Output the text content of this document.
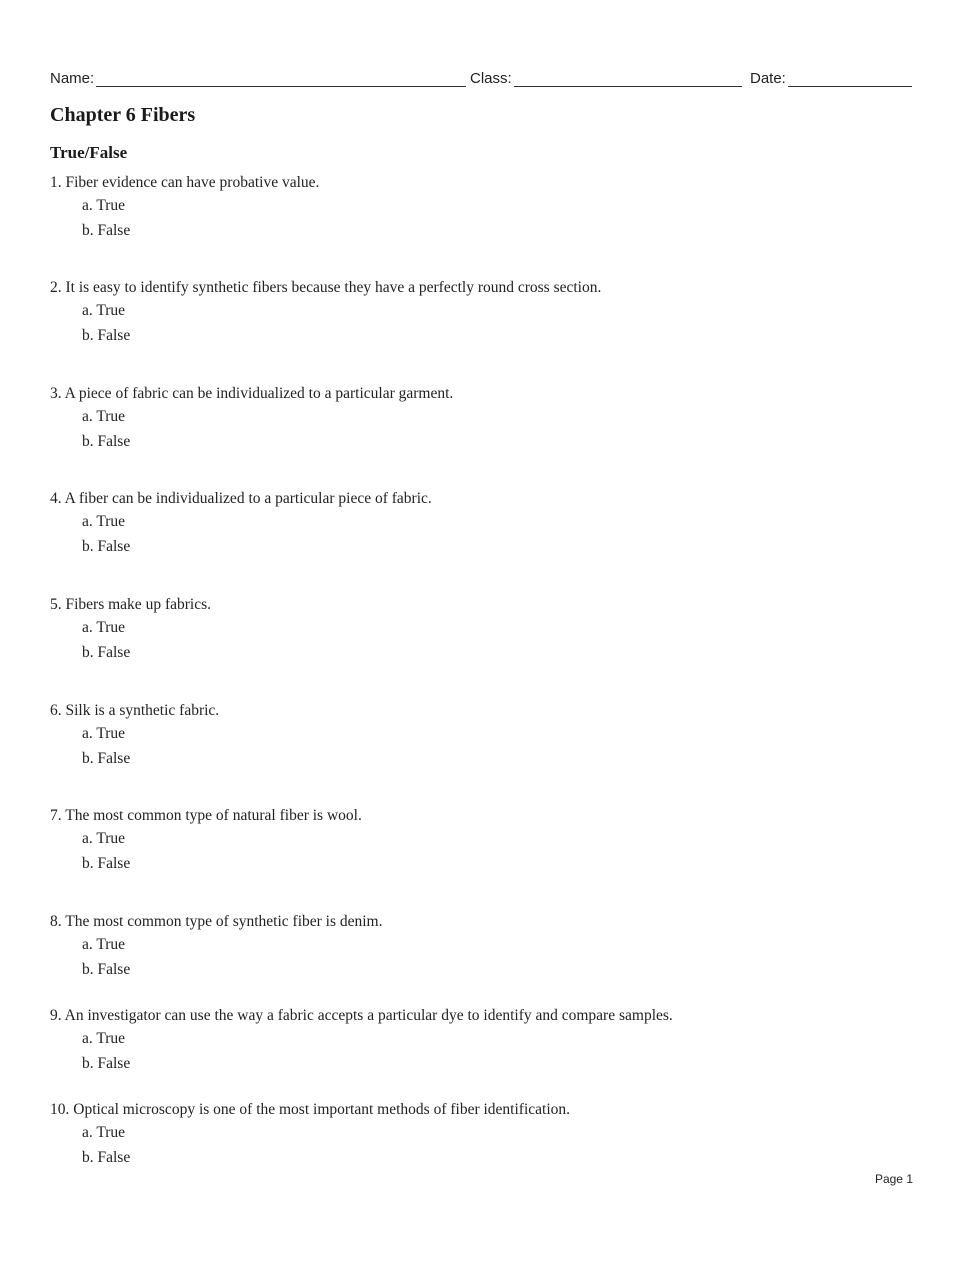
Name:	Class:	Date:
Chapter 6 Fibers
True/False
1. Fiber evidence can have probative value.
a. True
b. False
2. It is easy to identify synthetic fibers because they have a perfectly round cross section.
a. True
b. False
3. A piece of fabric can be individualized to a particular garment.
a. True
b. False
4. A fiber can be individualized to a particular piece of fabric.
a. True
b. False
5. Fibers make up fabrics.
a. True
b. False
6. Silk is a synthetic fabric.
a. True
b. False
7. The most common type of natural fiber is wool.
a. True
b. False
8. The most common type of synthetic fiber is denim.
a. True
b. False
9. An investigator can use the way a fabric accepts a particular dye to identify and compare samples.
a. True
b. False
10. Optical microscopy is one of the most important methods of fiber identification.
a. True
b. False
Page 1
